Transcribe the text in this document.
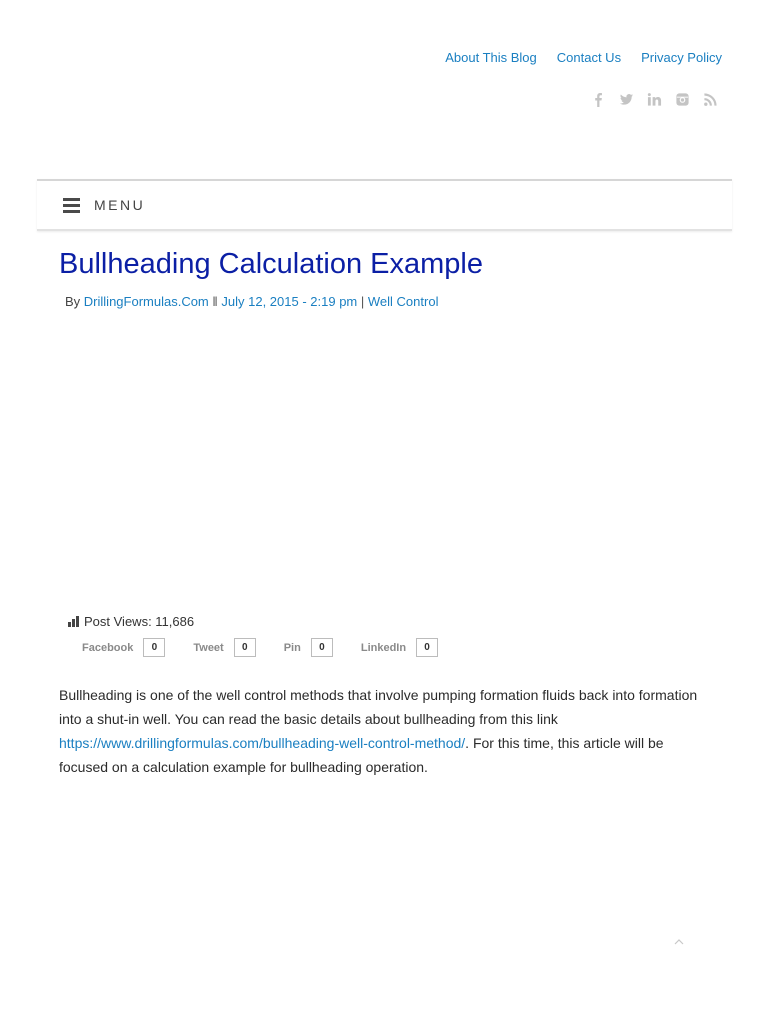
About This Blog Contact Us Privacy Policy
MENU
Bullheading Calculation Example
By DrillingFormulas.Com ‖ July 12, 2015 - 2:19 pm | Well Control
Post Views: 11,686
Facebook	0	Tweet	0	Pin	0	LinkedIn	0

Bullheading is one of the well control methods that involve pumping formation fluids back into formation into a shut-in well. You can read the basic details about bullheading from this link https://www.drillingformulas.com/bullheading-well-control-method/. For this time, this article will be focused on a calculation example for bullheading operation.
